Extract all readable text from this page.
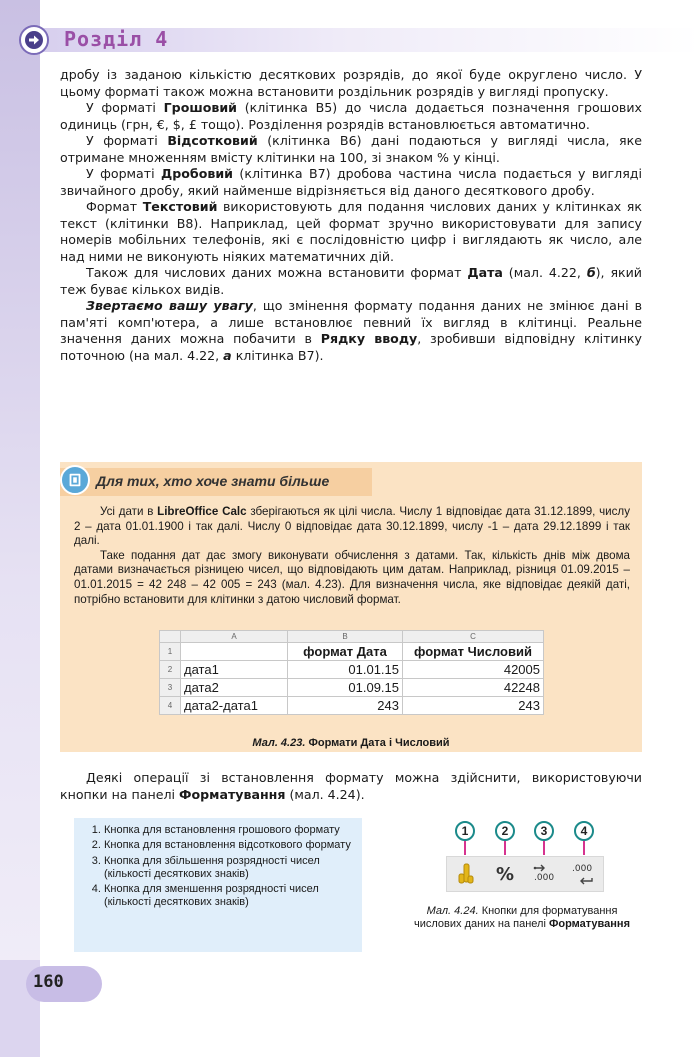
Розділ 4

дробу із заданою кількістю десяткових розрядів, до якої буде округлено число. У цьому форматі також можна встановити роздільник розрядів у вигляді пропуску.

У форматі Грошовий (клітинка B5) до числа додається позначення грошових одиниць (грн, €, $, £ тощо). Розділення розрядів встановлюється автоматично.

У форматі Відсотковий (клітинка B6) дані подаються у вигляді числа, яке отримане множенням вмісту клітинки на 100, зі знаком % у кінці.

У форматі Дробовий (клітинка B7) дробова частина числа подається у вигляді звичайного дробу, який найменше відрізняється від даного десяткового дробу.

Формат Текстовий використовують для подання числових даних у клітинках як текст (клітинки B8). Наприклад, цей формат зручно використовувати для запису номерів мобільних телефонів, які є послідовністю цифр і виглядають як число, але над ними не виконують ніяких математичних дій.

Також для числових даних можна встановити формат Дата (мал. 4.22, б), який теж буває кількох видів.

Звертаємо вашу увагу, що змінення формату подання даних не змінює дані в пам'яті комп'ютера, а лише встановлює певний їх вигляд в клітинці. Реальне значення даних можна побачити в Рядку вводу, зробивши відповідну клітинку поточною (на мал. 4.22, а клітинка B7).

Для тих, хто хоче знати більше

Усі дати в LibreOffice Calc зберігаються як цілі числа. Числу 1 відповідає дата 31.12.1899, числу 2 – дата 01.01.1900 і так далі. Числу 0 відповідає дата 30.12.1899, числу -1 – дата 29.12.1899 і так далі.

Таке подання дат дає змогу виконувати обчислення з датами. Так, кількість днів між двома датами визначається різницею чисел, що відповідають цим датам. Наприклад, різниця 01.09.2015 – 01.01.2015 = 42 248 – 42 005 = 243 (мал. 4.23). Для визначення числа, яке відповідає деякій даті, потрібно встановити для клітинки з датою числовий формат.

	A	B	C
1		формат Дата	формат Числовий
2	дата1	01.01.15	42005
3	дата2	01.09.15	42248
4	дата2-дата1	243	243
Мал. 4.23. Формати Дата і Числовий

Деякі операції зі встановлення формату можна здійснити, використовуючи кнопки на панелі Форматування (мал. 4.24).

1. Кнопка для встановлення грошового формату
2. Кнопка для встановлення відсоткового формату
3. Кнопка для збільшення розрядності чисел (кількості десяткових знаків)
4. Кнопка для зменшення розрядності чисел (кількості десяткових знаків)
1	2	3	4
% .000
.000
Мал. 4.24. Кнопки для форматування числових даних на панелі Форматування
160
